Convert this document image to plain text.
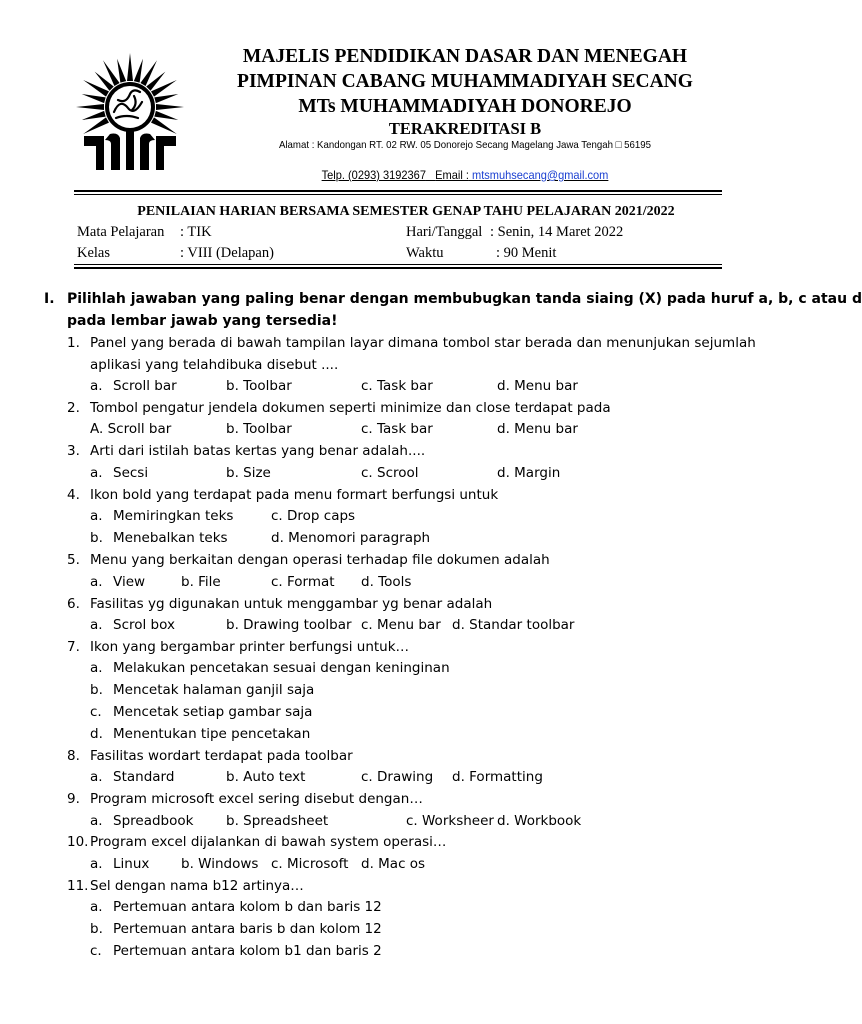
MAJELIS PENDIDIKAN DASAR DAN MENEGAH
PIMPINAN CABANG MUHAMMADIYAH SECANG
MTs MUHAMMADIYAH DONOREJO
TERAKREDITASI B
Alamat : Kandongan RT. 02 RW. 05 Donorejo Secang Magelang Jawa Tengah □ 56195
Telp. (0293) 3192367 Email : mtsmuhsecang@gmail.com
PENILAIAN HARIAN BERSAMA SEMESTER GENAP TAHU PELAJARAN 2021/2022
Mata Pelajaran : TIK	Hari/Tanggal : Senin, 14 Maret 2022
Kelas	: VIII (Delapan)	Waktu	: 90 Menit
I. Pilihlah jawaban yang paling benar dengan membubugkan tanda siaing (X) pada huruf a, b, c atau d
pada lembar jawab yang tersedia!
1. Panel yang berada di bawah tampilan layar dimana tombol star berada dan menunjukan sejumlah
aplikasi yang telahdibuka disebut ....
a. Scroll bar	b. Toolbar	c. Task bar	d. Menu bar
2. Tombol pengatur jendela dokumen seperti minimize dan close terdapat pada
A. Scroll bar	b. Toolbar	c. Task bar	d. Menu bar
3. Arti dari istilah batas kertas yang benar adalah....
a. Secsi	b. Size	c. Scrool	d. Margin
4. Ikon bold yang terdapat pada menu formart berfungsi untuk
a. Memiringkan teks	c. Drop caps
b. Menebalkan teks	d. Menomori paragraph
5. Menu yang berkaitan dengan operasi terhadap file dokumen adalah
a. View	b. File	c. Format d. Tools
6. Fasilitas yg digunakan untuk menggambar yg benar adalah
a. Scrol box	b. Drawing toolbar c. Menu bar d. Standar toolbar
7. Ikon yang bergambar printer berfungsi untuk…
a. Melakukan pencetakan sesuai dengan keninginan
b. Mencetak halaman ganjil saja
c. Mencetak setiap gambar saja
d. Menentukan tipe pencetakan
8. Fasilitas wordart terdapat pada toolbar
a. Standard	b. Auto text	c. Drawing d. Formatting
9. Program microsoft excel sering disebut dengan…
a. Spreadbook b. Spreadsheet	c. Worksheer d. Workbook
10. Program excel dijalankan di bawah system operasi…
a. Linux b. Windows c. Microsoft d. Mac os
11. Sel dengan nama b12 artinya…
a. Pertemuan antara kolom b dan baris 12
b. Pertemuan antara baris b dan kolom 12
c. Pertemuan antara kolom b1 dan baris 2
